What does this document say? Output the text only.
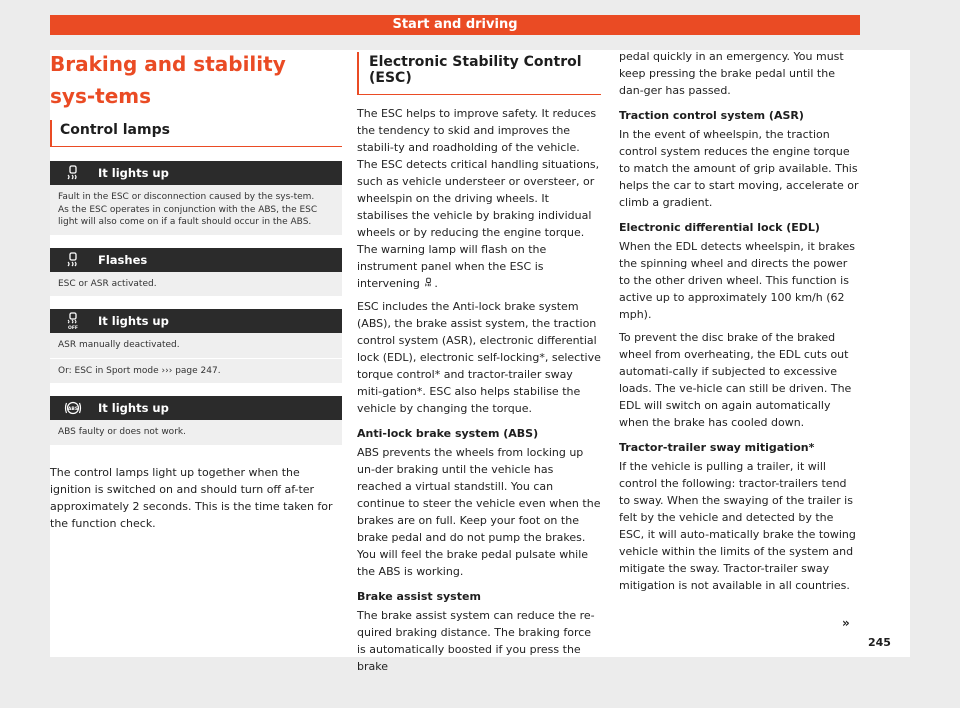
Start and driving
Braking and stability sys-tems
Control lamps
It lights up
Fault in the ESC or disconnection caused by the sys-tem.
As the ESC operates in conjunction with the ABS, the ESC light will also come on if a fault should occur in the ABS.
Flashes
ESC or ASR activated.
OFF
It lights up
ASR manually deactivated.
Or: ESC in Sport mode ››› page 247.
ABS It lights up
ABS faulty or does not work.

The control lamps light up together when the ignition is switched on and should turn off af-ter approximately 2 seconds. This is the time taken for the function check.

Electronic Stability Control (ESC)

The ESC helps to improve safety. It reduces the tendency to skid and improves the stabili-ty and roadholding of the vehicle. The ESC detects critical handling situations, such as vehicle understeer or oversteer, or wheelspin on the driving wheels. It stabilises the vehicle by braking individual wheels or by reducing the engine torque. The warning lamp will flash on the instrument panel when the ESC is intervening .

ESC includes the Anti-lock brake system (ABS), the brake assist system, the traction control system (ASR), electronic differential lock (EDL), electronic self-locking*, selective torque control* and tractor-trailer sway miti-gation*. ESC also helps stabilise the vehicle by changing the torque.

Anti-lock brake system (ABS)

ABS prevents the wheels from locking up un-der braking until the vehicle has reached a virtual standstill. You can continue to steer the vehicle even when the brakes are on full. Keep your foot on the brake pedal and do not pump the brakes. You will feel the brake pedal pulsate while the ABS is working.

Brake assist system

The brake assist system can reduce the re-quired braking distance. The braking force is automatically boosted if you press the brake

pedal quickly in an emergency. You must keep pressing the brake pedal until the dan-ger has passed.

Traction control system (ASR)

In the event of wheelspin, the traction control system reduces the engine torque to match the amount of grip available. This helps the car to start moving, accelerate or climb a gradient.

Electronic differential lock (EDL)

When the EDL detects wheelspin, it brakes the spinning wheel and directs the power to the other driven wheel. This function is active up to approximately 100 km/h (62 mph).

To prevent the disc brake of the braked wheel from overheating, the EDL cuts out automati-cally if subjected to excessive loads. The ve-hicle can still be driven. The EDL will switch on again automatically when the brake has cooled down.

Tractor-trailer sway mitigation*

If the vehicle is pulling a trailer, it will control the following: tractor-trailers tend to sway. When the swaying of the trailer is felt by the vehicle and detected by the ESC, it will auto-matically brake the towing vehicle within the limits of the system and mitigate the sway. Tractor-trailer sway mitigation is not available in all countries.

»
245
